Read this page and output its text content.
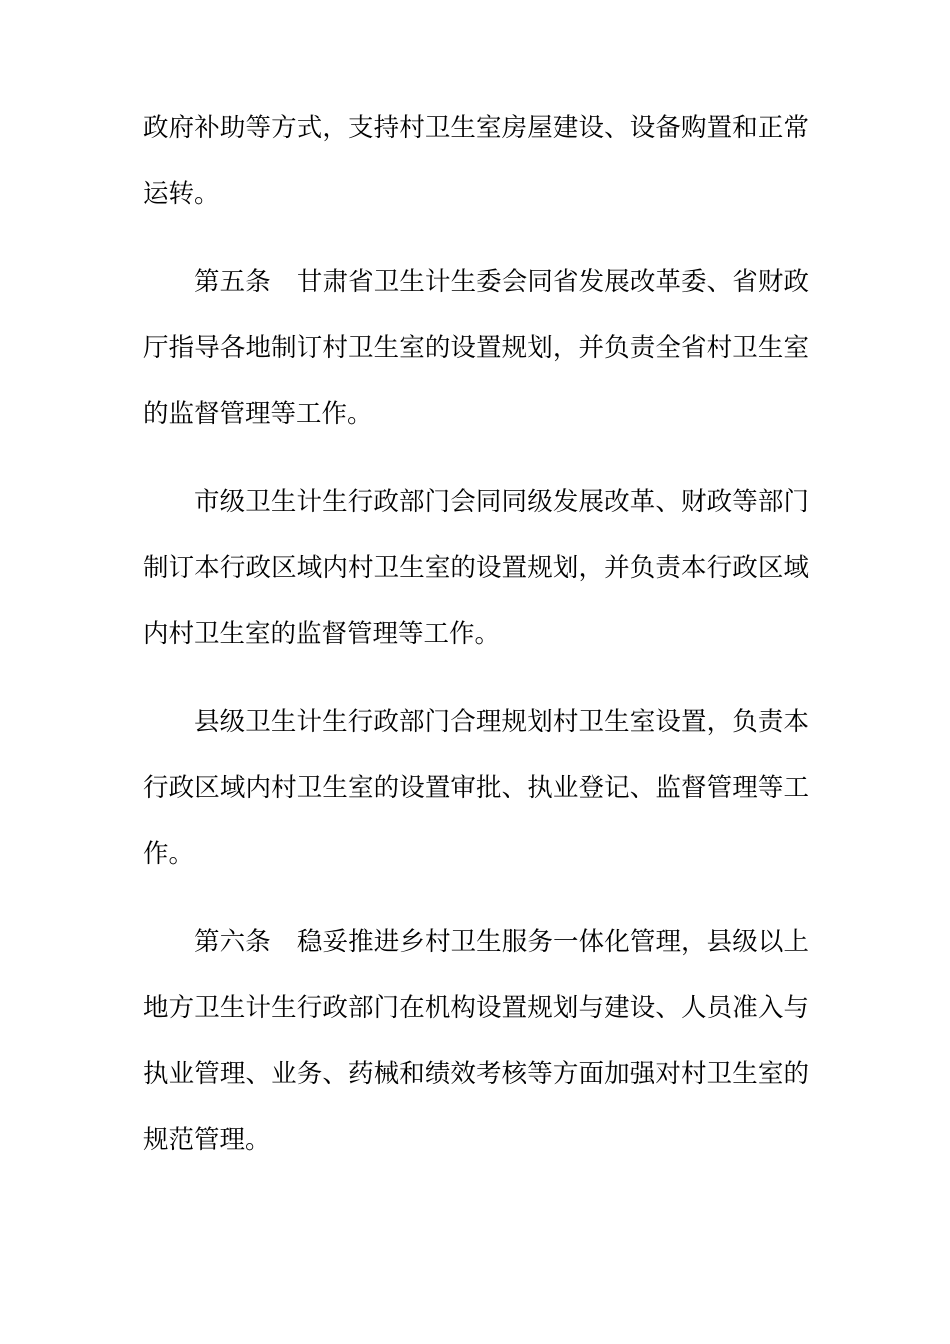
政府补助等方式，支持村卫生室房屋建设、设备购置和正常运转。

第五条 甘肃省卫生计生委会同省发展改革委、省财政厅指导各地制订村卫生室的设置规划，并负责全省村卫生室的监督管理等工作。

市级卫生计生行政部门会同同级发展改革、财政等部门制订本行政区域内村卫生室的设置规划，并负责本行政区域内村卫生室的监督管理等工作。

县级卫生计生行政部门合理规划村卫生室设置，负责本行政区域内村卫生室的设置审批、执业登记、监督管理等工作。

第六条 稳妥推进乡村卫生服务一体化管理，县级以上地方卫生计生行政部门在机构设置规划与建设、人员准入与执业管理、业务、药械和绩效考核等方面加强对村卫生室的规范管理。
